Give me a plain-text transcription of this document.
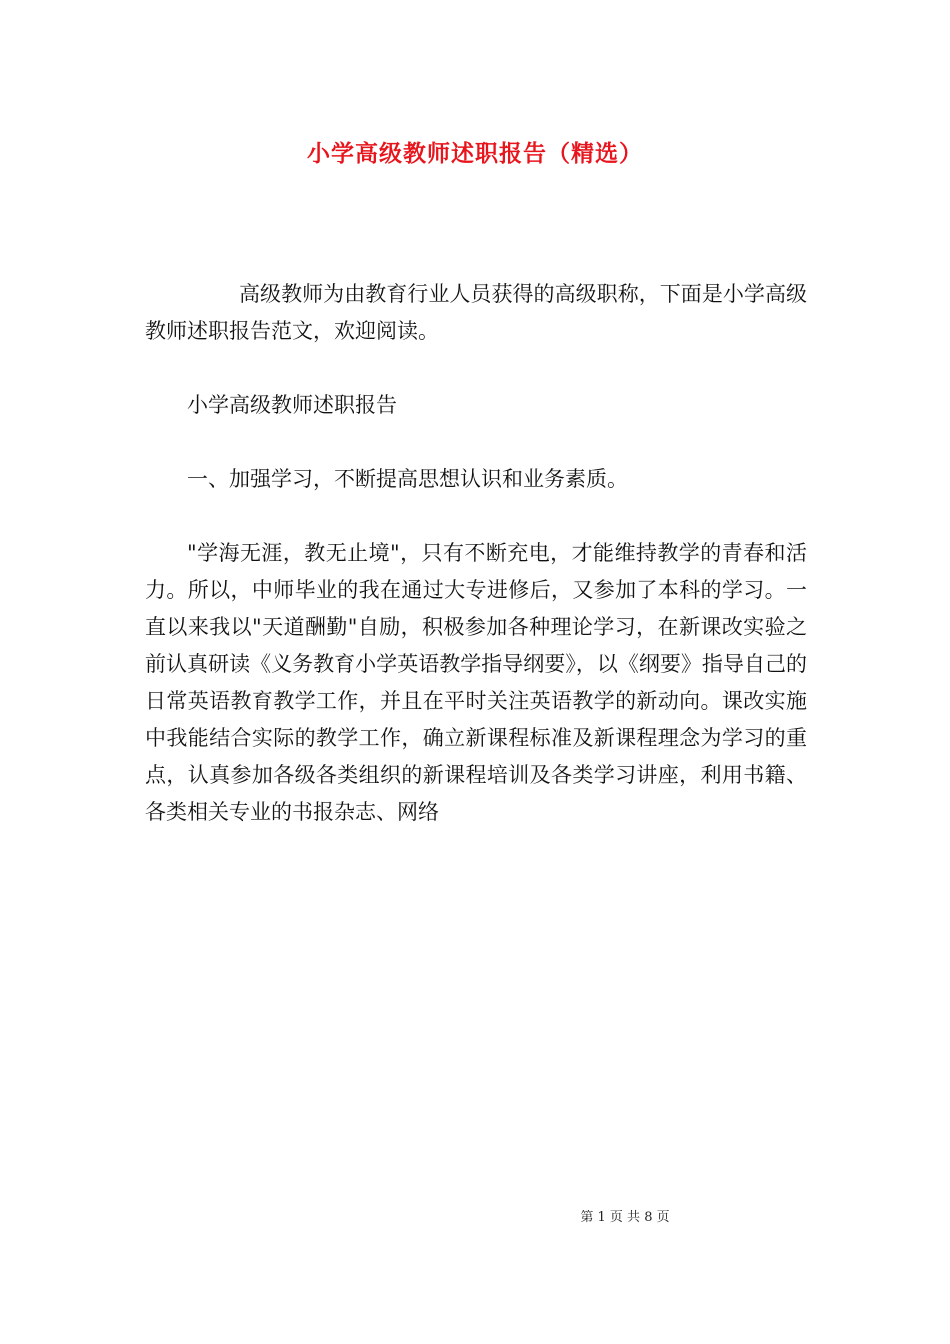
小学高级教师述职报告（精选）

高级教师为由教育行业人员获得的高级职称，下面是小学高级教师述职报告范文，欢迎阅读。

小学高级教师述职报告

一、加强学习，不断提高思想认识和业务素质。

"学海无涯，教无止境"，只有不断充电，才能维持教学的青春和活力。所以，中师毕业的我在通过大专进修后，又参加了本科的学习。一直以来我以"天道酬勤"自励，积极参加各种理论学习，在新课改实验之前认真研读《义务教育小学英语教学指导纲要》，以《纲要》指导自己的日常英语教育教学工作，并且在平时关注英语教学的新动向。课改实施中我能结合实际的教学工作，确立新课程标准及新课程理念为学习的重点，认真参加各级各类组织的新课程培训及各类学习讲座，利用书籍、各类相关专业的书报杂志、网络

第 1 页 共 8 页
